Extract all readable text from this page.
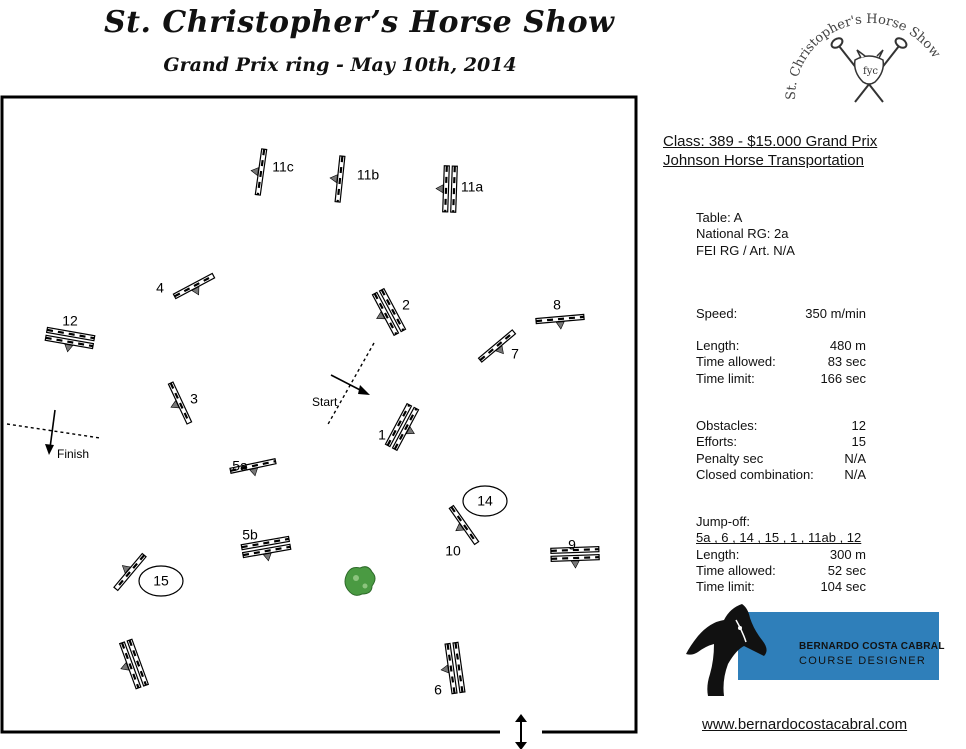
St. Christopher’s Horse Show
Grand Prix ring - May 10th, 2014
St. Christopher's Horse Show
fyc
1
2
3
4
5a
5b
6
7
8
9
10
11a
11b
11c
12
14
15
Start
Finish
Class: 389 - $15.000 Grand Prix
Johnson Horse Transportation
Table: A
National RG: 2a
FEI RG / Art. N/A
Speed:	350 m/min
Length:	480 m
Time allowed:	83 sec
Time limit:	166 sec
Obstacles:	12
Efforts:	15
Penalty sec	N/A
Closed combination:	N/A
Jump-off:
5a , 6 , 14 , 15 , 1 , 11ab , 12
Length:	300 m
Time allowed:	52 sec
Time limit:	104 sec
BERNARDO COSTA CABRAL
COURSE DESIGNER
www.bernardocostacabral.com
